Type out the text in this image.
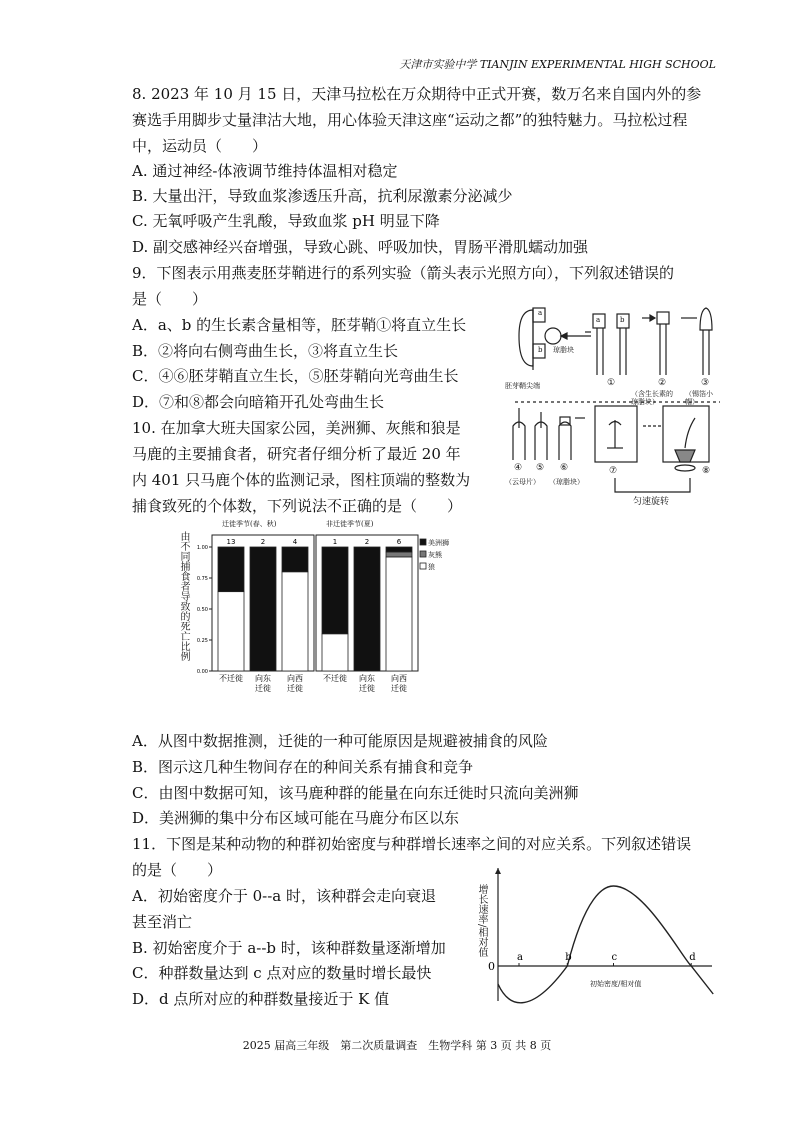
天津市实验中学 TIANJIN EXPERIMENTAL HIGH SCHOOL
8. 2023 年 10 月 15 日，天津马拉松在万众期待中正式开赛，数万名来自国内外的参
赛选手用脚步丈量津沽大地，用心体验天津这座“运动之都”的独特魅力。马拉松过程
中，运动员（　　）
A. 通过神经-体液调节维持体温相对稳定
B. 大量出汗，导致血浆渗透压升高，抗利尿激素分泌减少
C. 无氧呼吸产生乳酸，导致血浆 pH 明显下降
D. 副交感神经兴奋增强，导致心跳、呼吸加快，胃肠平滑肌蠕动加强
9．下图表示用燕麦胚芽鞘进行的系列实验（箭头表示光照方向），下列叙述错误的
是（　　）
A．a、b 的生长素含量相等，胚芽鞘①将直立生长
B．②将向右侧弯曲生长，③将直立生长
C．④⑥胚芽鞘直立生长，⑤胚芽鞘向光弯曲生长
D．⑦和⑧都会向暗箱开孔处弯曲生长
a
b
a	b
胚芽鞘尖端
琼脂块
①	②	③
（含生长素的琼脂块）
（锡箔小帽）
④ ⑤ ⑥
（云母片） （琼脂块）
⑦	⑧
匀速旋转
10. 在加拿大班夫国家公园，美洲狮、灰熊和狼是
马鹿的主要捕食者，研究者仔细分析了最近 20 年
内 401 只马鹿个体的监测记录，图柱顶端的整数为
捕食致死的个体数，下列说法不正确的是（　　）
0.00
0.25
0.50
0.75
1.00
13
不迁徙
2
向东
迁徙
4
向西
迁徙
1
不迁徙
2
向东
迁徙
6
向西
迁徙
由不同捕食者导致的死亡比例
迁徙季节(春、秋)	非迁徙季节(夏)
美洲狮
灰熊
狼
A．从图中数据推测，迁徙的一种可能原因是规避被捕食的风险
B．图示这几种生物间存在的种间关系有捕食和竞争
C．由图中数据可知，该马鹿种群的能量在向东迁徙时只流向美洲狮
D．美洲狮的集中分布区域可能在马鹿分布区以东
11．下图是某种动物的种群初始密度与种群增长速率之间的对应关系。下列叙述错误
的是（　　）
A．初始密度介于 0--a 时，该种群会走向衰退
甚至消亡
B. 初始密度介于 a--b 时，该种群数量逐渐增加
C．种群数量达到 c 点对应的数量时增长最快
D．d 点所对应的种群数量接近于 K 值
0
a	b	c	d
增长速率/相对值
初始密度/相对值
2025 届高三年级　第二次质量调查　生物学科 第 3 页 共 8 页
